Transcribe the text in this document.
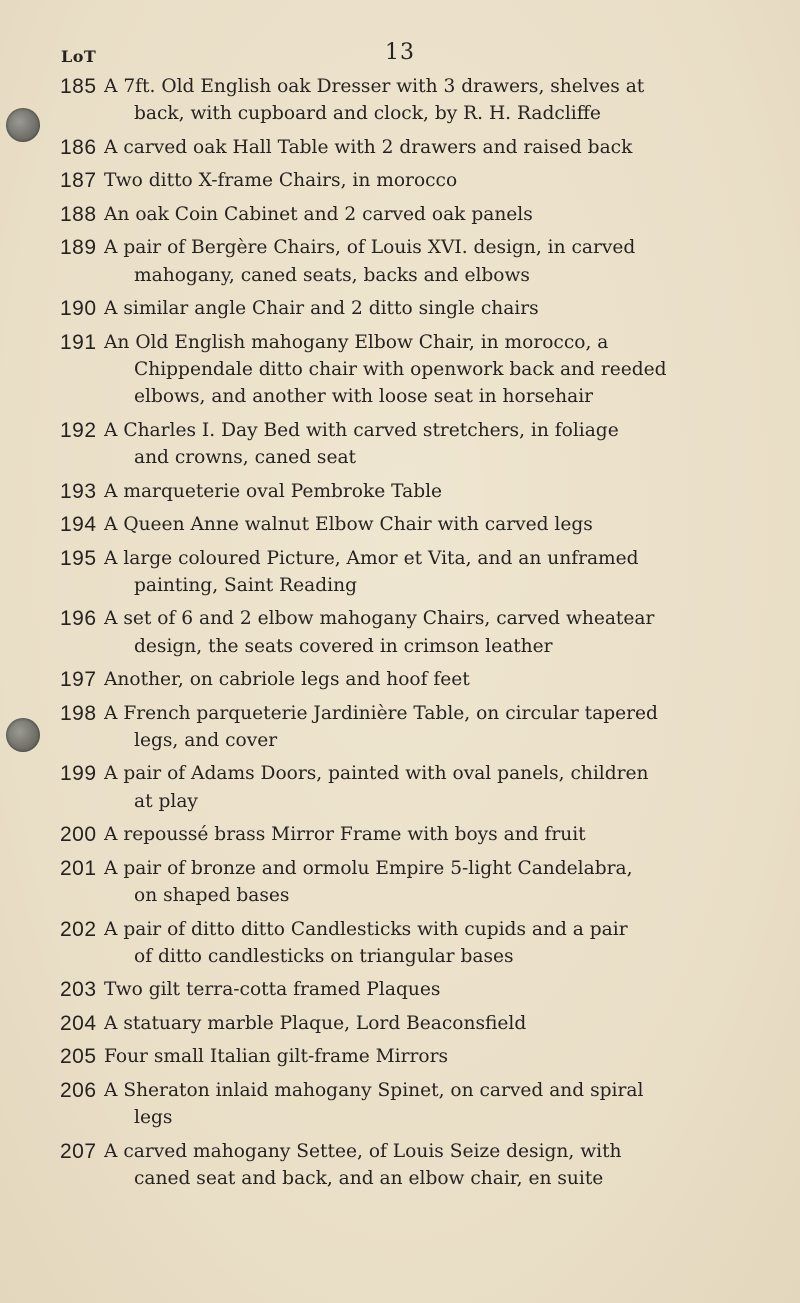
13
LoT
185 A 7ft. Old English oak Dresser with 3 drawers, shelves at
back, with cupboard and clock, by R. H. Radcliffe
186 A carved oak Hall Table with 2 drawers and raised back
187 Two ditto X-frame Chairs, in morocco
188 An oak Coin Cabinet and 2 carved oak panels
189 A pair of Bergère Chairs, of Louis XVI. design, in carved
mahogany, caned seats, backs and elbows
190 A similar angle Chair and 2 ditto single chairs
191 An Old English mahogany Elbow Chair, in morocco, a
Chippendale ditto chair with openwork back and reeded
elbows, and another with loose seat in horsehair
192 A Charles I. Day Bed with carved stretchers, in foliage
and crowns, caned seat
193 A marqueterie oval Pembroke Table
194 A Queen Anne walnut Elbow Chair with carved legs
195 A large coloured Picture, Amor et Vita, and an unframed
painting, Saint Reading
196 A set of 6 and 2 elbow mahogany Chairs, carved wheatear
design, the seats covered in crimson leather
197 Another, on cabriole legs and hoof feet
198 A French parqueterie Jardinière Table, on circular tapered
legs, and cover
199 A pair of Adams Doors, painted with oval panels, children
at play
200 A repoussé brass Mirror Frame with boys and fruit
201 A pair of bronze and ormolu Empire 5-light Candelabra,
on shaped bases
202 A pair of ditto ditto Candlesticks with cupids and a pair
of ditto candlesticks on triangular bases
203 Two gilt terra-cotta framed Plaques
204 A statuary marble Plaque, Lord Beaconsfield
205 Four small Italian gilt-frame Mirrors
206 A Sheraton inlaid mahogany Spinet, on carved and spiral
legs
207 A carved mahogany Settee, of Louis Seize design, with
caned seat and back, and an elbow chair, en suite
